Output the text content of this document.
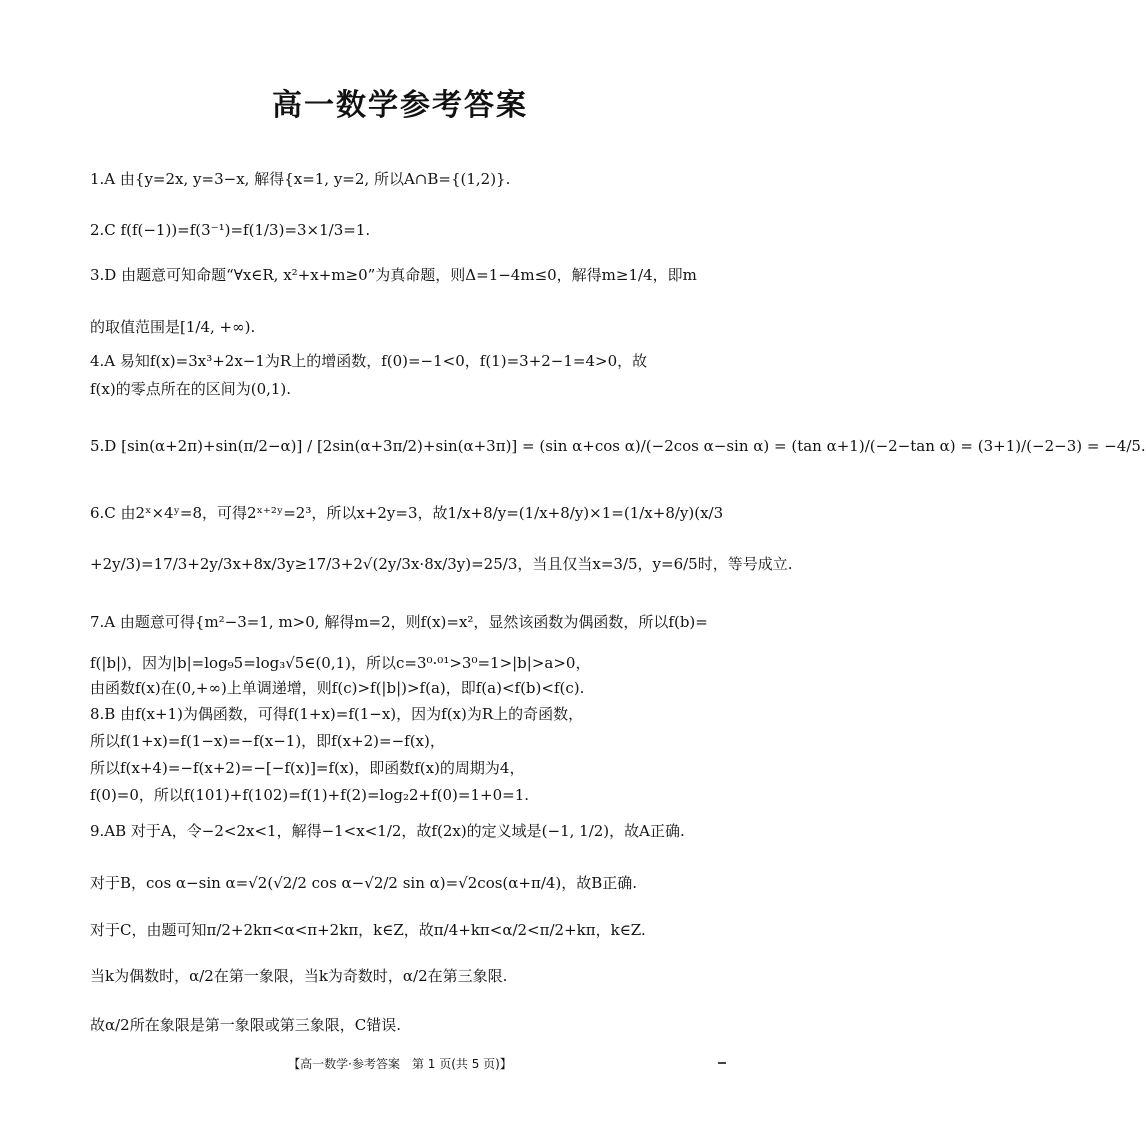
高一数学参考答案
1.A 由{y=2x, y=3−x, 解得{x=1, y=2, 所以A∩B={(1,2)}.
2.C f(f(−1))=f(3⁻¹)=f(1/3)=3×1/3=1.
3.D 由题意可知命题“∀x∈R, x²+x+m≥0”为真命题，则Δ=1−4m≤0，解得m≥1/4，即m
的取值范围是[1/4, +∞).
4.A 易知f(x)=3x³+2x−1为R上的增函数，f(0)=−1<0，f(1)=3+2−1=4>0，故
f(x)的零点所在的区间为(0,1).
5.D [sin(α+2π)+sin(π/2−α)] / [2sin(α+3π/2)+sin(α+3π)] = (sin α+cos α)/(−2cos α−sin α) = (tan α+1)/(−2−tan α) = (3+1)/(−2−3) = −4/5.
6.C 由2ˣ×4ʸ=8，可得2ˣ⁺²ʸ=2³，所以x+2y=3，故1/x+8/y=(1/x+8/y)×1=(1/x+8/y)(x/3
+2y/3)=17/3+2y/3x+8x/3y≥17/3+2√(2y/3x·8x/3y)=25/3，当且仅当x=3/5，y=6/5时，等号成立.
7.A 由题意可得{m²−3=1, m>0, 解得m=2，则f(x)=x²，显然该函数为偶函数，所以f(b)=
f(|b|)，因为|b|=log₉5=log₃√5∈(0,1)，所以c=3⁰·⁰¹>3⁰=1>|b|>a>0，
由函数f(x)在(0,+∞)上单调递增，则f(c)>f(|b|)>f(a)，即f(a)<f(b)<f(c).
8.B 由f(x+1)为偶函数，可得f(1+x)=f(1−x)，因为f(x)为R上的奇函数，
所以f(1+x)=f(1−x)=−f(x−1)，即f(x+2)=−f(x)，
所以f(x+4)=−f(x+2)=−[−f(x)]=f(x)，即函数f(x)的周期为4，
f(0)=0，所以f(101)+f(102)=f(1)+f(2)=log₂2+f(0)=1+0=1.
9.AB 对于A，令−2<2x<1，解得−1<x<1/2，故f(2x)的定义域是(−1, 1/2)，故A正确.
对于B，cos α−sin α=√2(√2/2 cos α−√2/2 sin α)=√2cos(α+π/4)，故B正确.
对于C，由题可知π/2+2kπ<α<π+2kπ，k∈Z，故π/4+kπ<α/2<π/2+kπ，k∈Z.
当k为偶数时，α/2在第一象限，当k为奇数时，α/2在第三象限.
故α/2所在象限是第一象限或第三象限，C错误.
【高一数学·参考答案　第 1 页(共 5 页)】
